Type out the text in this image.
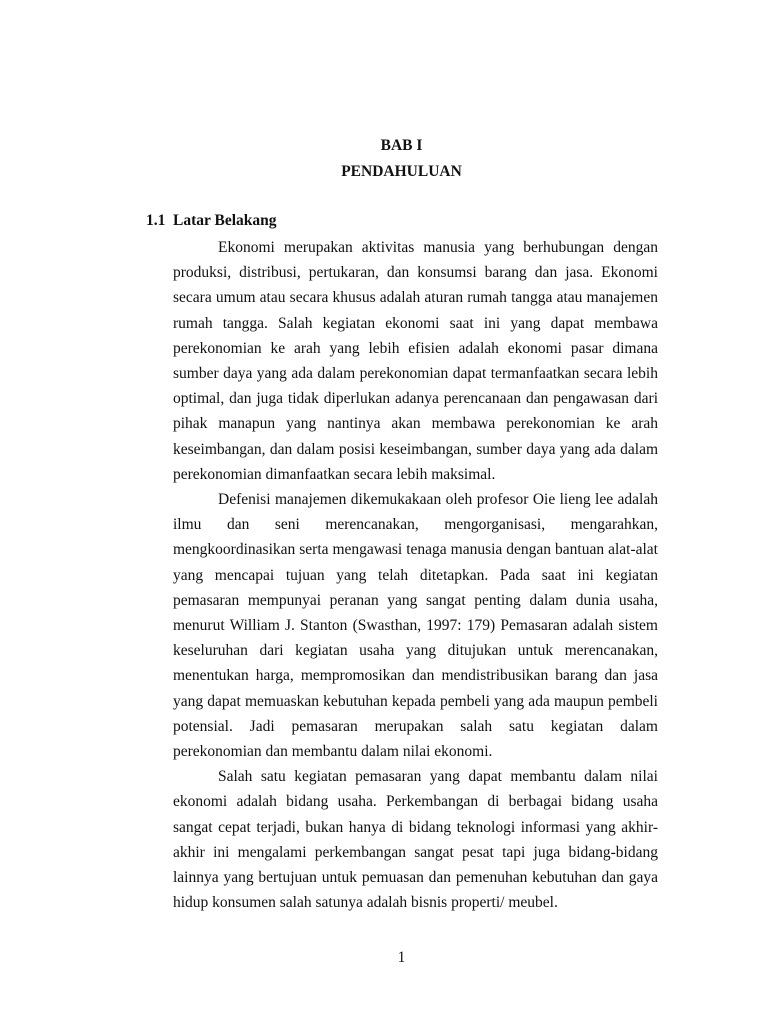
BAB I
PENDAHULUAN
1.1 Latar Belakang

Ekonomi merupakan aktivitas manusia yang berhubungan dengan produksi, distribusi, pertukaran, dan konsumsi barang dan jasa. Ekonomi secara umum atau secara khusus adalah aturan rumah tangga atau manajemen rumah tangga. Salah kegiatan ekonomi saat ini yang dapat membawa perekonomian ke arah yang lebih efisien adalah ekonomi pasar dimana sumber daya yang ada dalam perekonomian dapat termanfaatkan secara lebih optimal, dan juga tidak diperlukan adanya perencanaan dan pengawasan dari pihak manapun yang nantinya akan membawa perekonomian ke arah keseimbangan, dan dalam posisi keseimbangan, sumber daya yang ada dalam perekonomian dimanfaatkan secara lebih maksimal.

Defenisi manajemen dikemukakaan oleh profesor Oie lieng lee adalah ilmu dan seni merencanakan, mengorganisasi, mengarahkan, mengkoordinasikan serta mengawasi tenaga manusia dengan bantuan alat-alat yang mencapai tujuan yang telah ditetapkan. Pada saat ini kegiatan pemasaran mempunyai peranan yang sangat penting dalam dunia usaha, menurut William J. Stanton (Swasthan, 1997: 179) Pemasaran adalah sistem keseluruhan dari kegiatan usaha yang ditujukan untuk merencanakan, menentukan harga, mempromosikan dan mendistribusikan barang dan jasa yang dapat memuaskan kebutuhan kepada pembeli yang ada maupun pembeli potensial. Jadi pemasaran merupakan salah satu kegiatan dalam perekonomian dan membantu dalam nilai ekonomi.

Salah satu kegiatan pemasaran yang dapat membantu dalam nilai ekonomi adalah bidang usaha. Perkembangan di berbagai bidang usaha sangat cepat terjadi, bukan hanya di bidang teknologi informasi yang akhir-akhir ini mengalami perkembangan sangat pesat tapi juga bidang-bidang lainnya yang bertujuan untuk pemuasan dan pemenuhan kebutuhan dan gaya hidup konsumen salah satunya adalah bisnis properti/ meubel.

1
